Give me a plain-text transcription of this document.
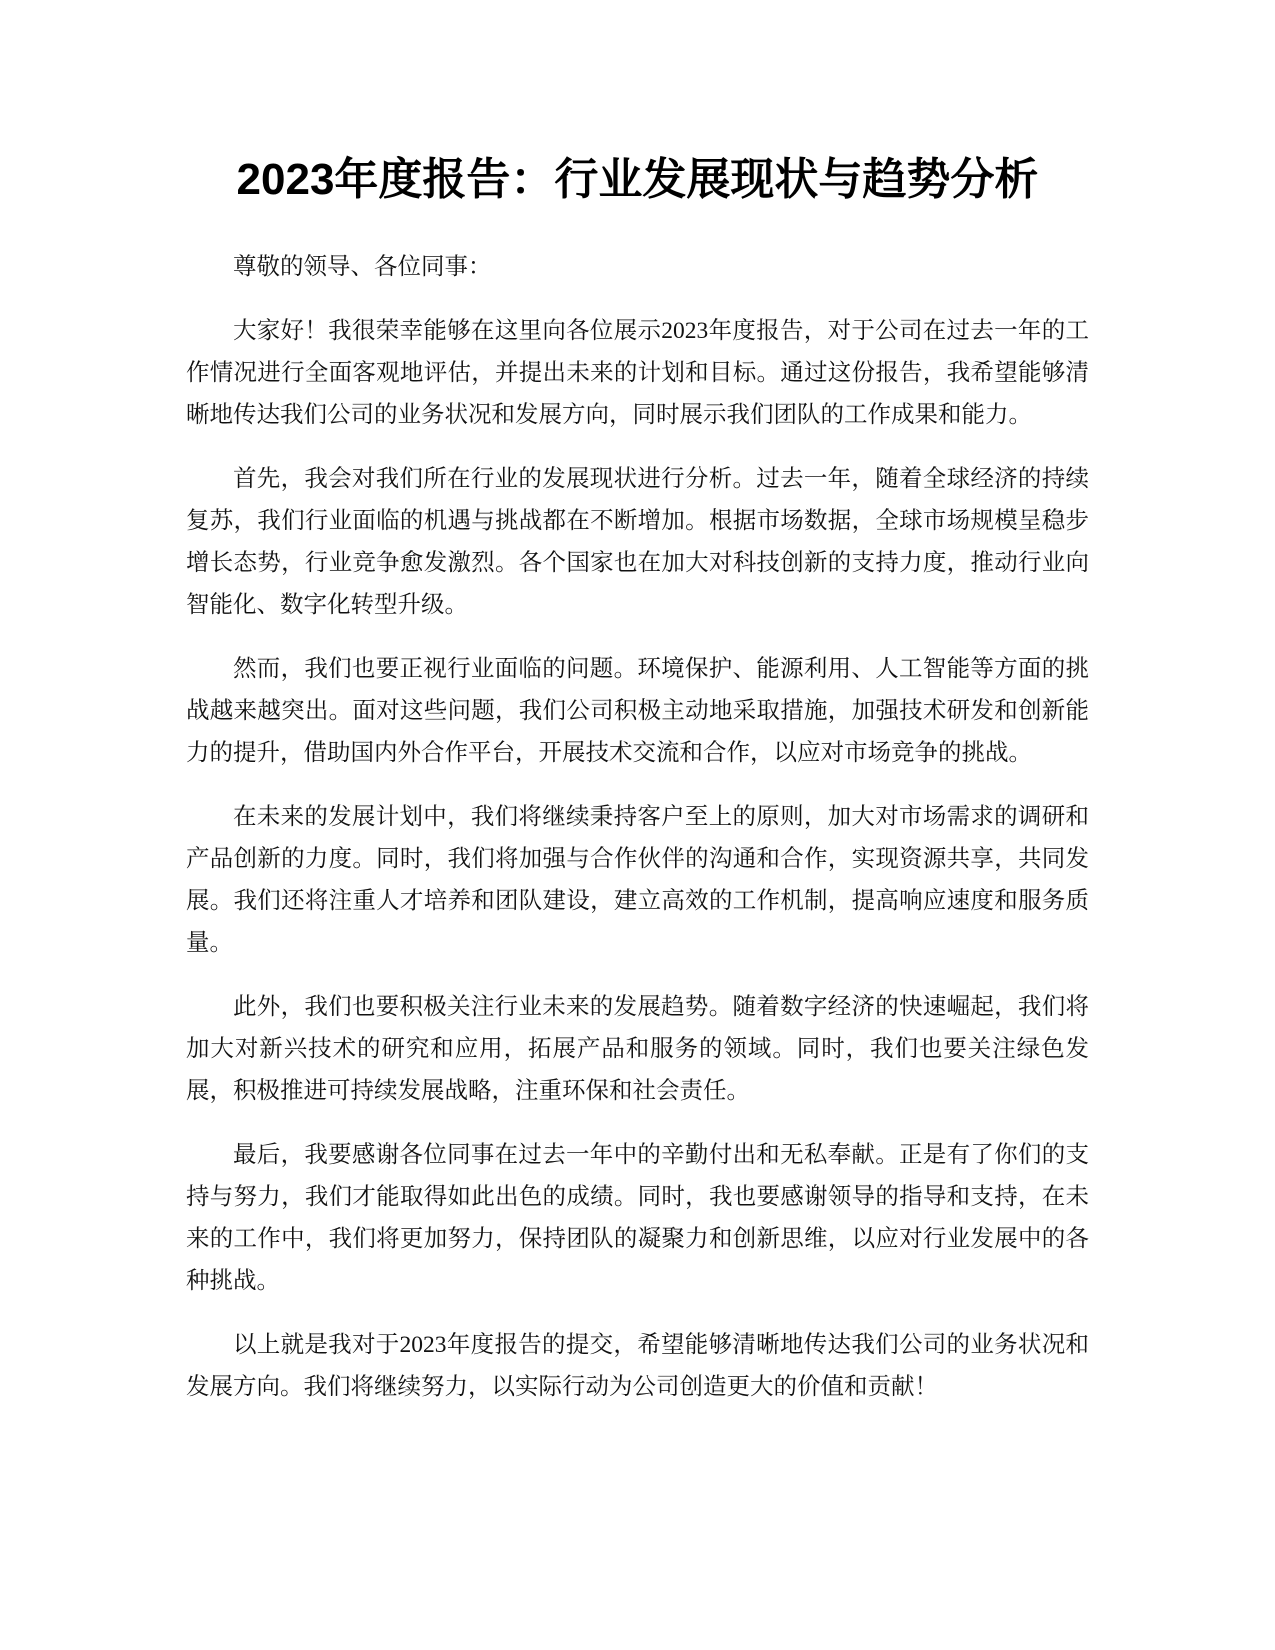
2023年度报告：行业发展现状与趋势分析

尊敬的领导、各位同事：

大家好！我很荣幸能够在这里向各位展示2023年度报告，对于公司在过去一年的工作情况进行全面客观地评估，并提出未来的计划和目标。通过这份报告，我希望能够清晰地传达我们公司的业务状况和发展方向，同时展示我们团队的工作成果和能力。

首先，我会对我们所在行业的发展现状进行分析。过去一年，随着全球经济的持续复苏，我们行业面临的机遇与挑战都在不断增加。根据市场数据，全球市场规模呈稳步增长态势，行业竞争愈发激烈。各个国家也在加大对科技创新的支持力度，推动行业向智能化、数字化转型升级。

然而，我们也要正视行业面临的问题。环境保护、能源利用、人工智能等方面的挑战越来越突出。面对这些问题，我们公司积极主动地采取措施，加强技术研发和创新能力的提升，借助国内外合作平台，开展技术交流和合作，以应对市场竞争的挑战。

在未来的发展计划中，我们将继续秉持客户至上的原则，加大对市场需求的调研和产品创新的力度。同时，我们将加强与合作伙伴的沟通和合作，实现资源共享，共同发展。我们还将注重人才培养和团队建设，建立高效的工作机制，提高响应速度和服务质量。

此外，我们也要积极关注行业未来的发展趋势。随着数字经济的快速崛起，我们将加大对新兴技术的研究和应用，拓展产品和服务的领域。同时，我们也要关注绿色发展，积极推进可持续发展战略，注重环保和社会责任。

最后，我要感谢各位同事在过去一年中的辛勤付出和无私奉献。正是有了你们的支持与努力，我们才能取得如此出色的成绩。同时，我也要感谢领导的指导和支持，在未来的工作中，我们将更加努力，保持团队的凝聚力和创新思维，以应对行业发展中的各种挑战。

以上就是我对于2023年度报告的提交，希望能够清晰地传达我们公司的业务状况和发展方向。我们将继续努力，以实际行动为公司创造更大的价值和贡献！
